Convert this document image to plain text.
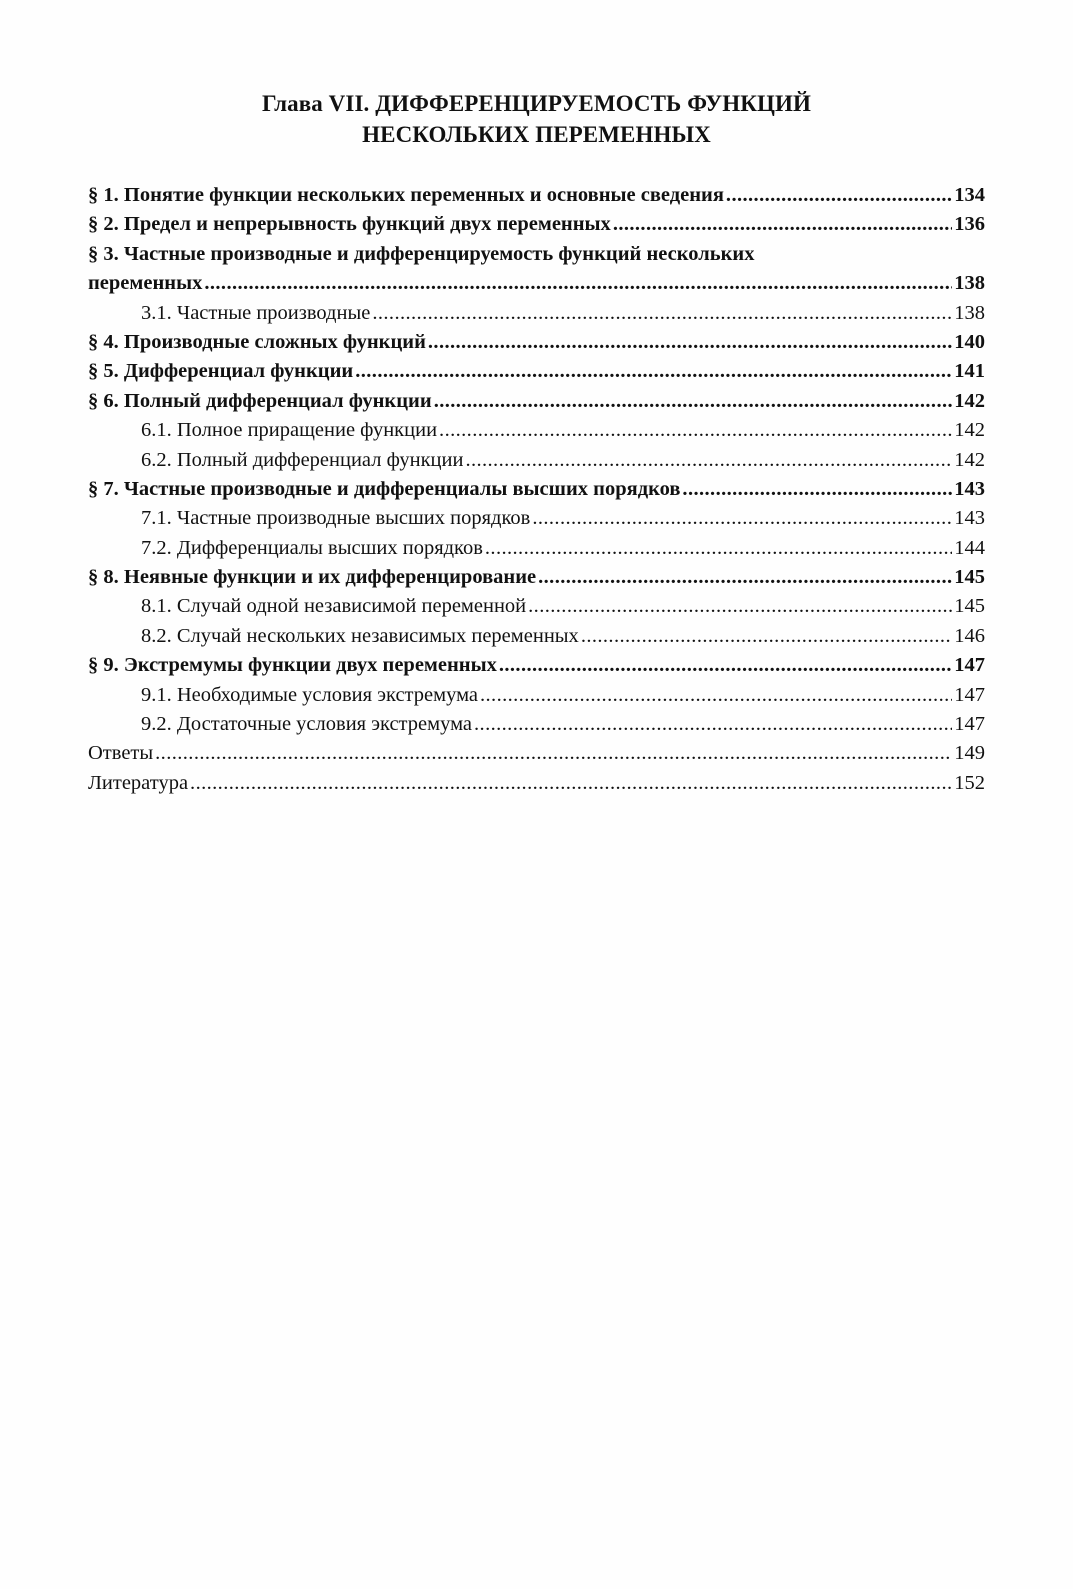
Глава VII. ДИФФЕРЕНЦИРУЕМОСТЬ ФУНКЦИЙ
НЕСКОЛЬКИХ ПЕРЕМЕННЫХ
§ 1. Понятие функции нескольких переменных и основные сведения .....	134
§ 2. Предел и непрерывность функций двух переменных .....	136
§ 3. Частные производные и дифференцируемость функций нескольких
переменных .....	138
3.1. Частные производные .....	138
§ 4. Производные сложных функций .....	140
§ 5. Дифференциал функции .....	141
§ 6. Полный дифференциал функции .....	142
6.1. Полное приращение функции .....	142
6.2. Полный дифференциал функции .....	142
§ 7. Частные производные и дифференциалы высших порядков .....	143
7.1. Частные производные высших порядков .....	143
7.2. Дифференциалы высших порядков .....	144
§ 8. Неявные функции и их дифференцирование .....	145
8.1. Случай одной независимой переменной .....	145
8.2. Случай нескольких независимых переменных .....	146
§ 9. Экстремумы функции двух переменных .....	147
9.1. Необходимые условия экстремума .....	147
9.2. Достаточные условия экстремума .....	147
Ответы .....	149
Литература .....	152
